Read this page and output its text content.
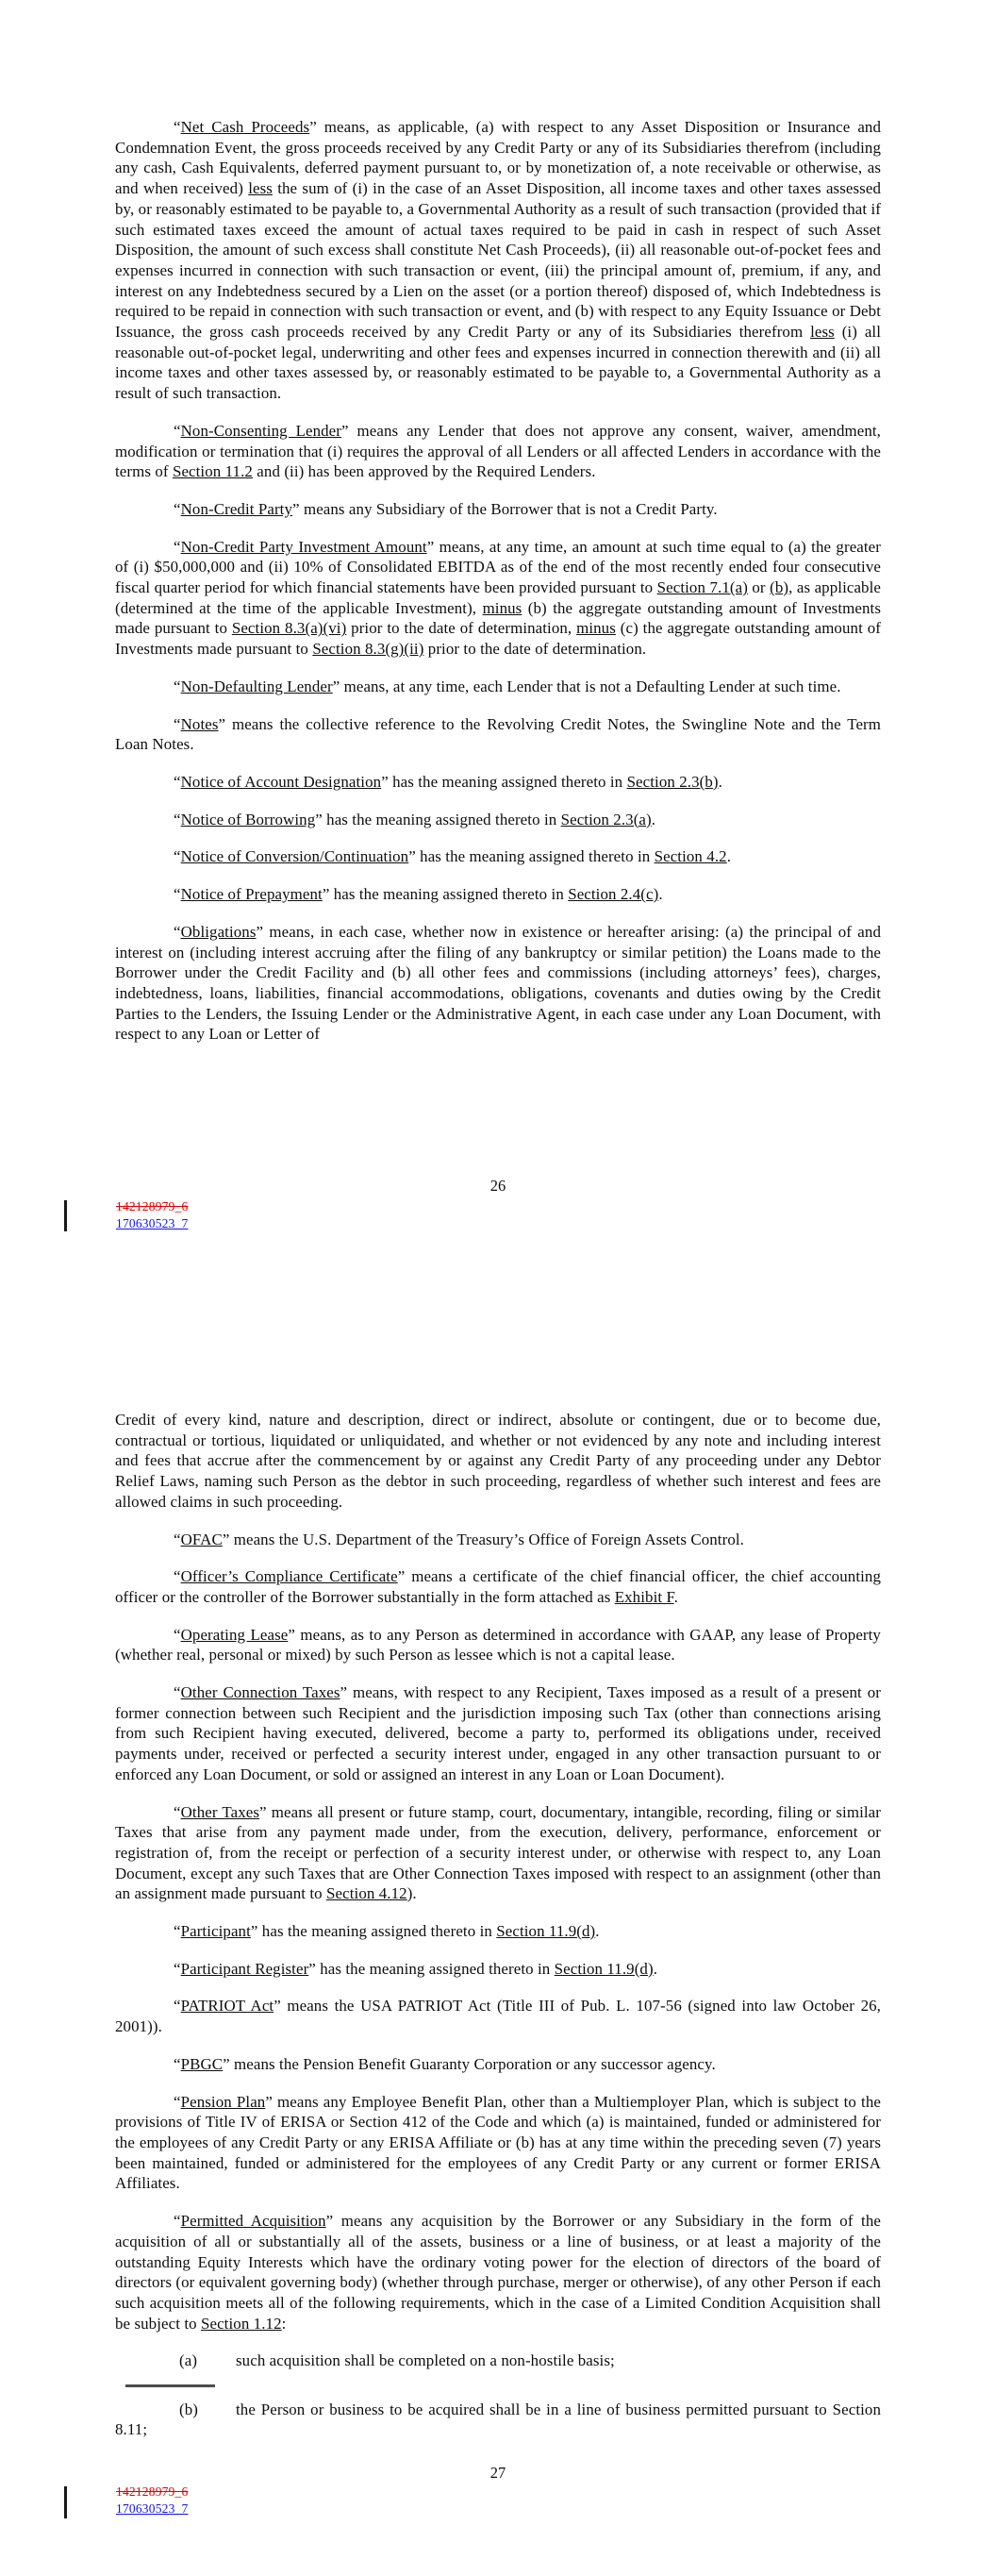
“Net Cash Proceeds” means, as applicable, (a) with respect to any Asset Disposition or Insurance and Condemnation Event, the gross proceeds received by any Credit Party or any of its Subsidiaries therefrom (including any cash, Cash Equivalents, deferred payment pursuant to, or by monetization of, a note receivable or otherwise, as and when received) less the sum of (i) in the case of an Asset Disposition, all income taxes and other taxes assessed by, or reasonably estimated to be payable to, a Governmental Authority as a result of such transaction (provided that if such estimated taxes exceed the amount of actual taxes required to be paid in cash in respect of such Asset Disposition, the amount of such excess shall constitute Net Cash Proceeds), (ii) all reasonable out-of-pocket fees and expenses incurred in connection with such transaction or event, (iii) the principal amount of, premium, if any, and interest on any Indebtedness secured by a Lien on the asset (or a portion thereof) disposed of, which Indebtedness is required to be repaid in connection with such transaction or event, and (b) with respect to any Equity Issuance or Debt Issuance, the gross cash proceeds received by any Credit Party or any of its Subsidiaries therefrom less (i) all reasonable out-of-pocket legal, underwriting and other fees and expenses incurred in connection therewith and (ii) all income taxes and other taxes assessed by, or reasonably estimated to be payable to, a Governmental Authority as a result of such transaction.

“Non-Consenting Lender” means any Lender that does not approve any consent, waiver, amendment, modification or termination that (i) requires the approval of all Lenders or all affected Lenders in accordance with the terms of Section 11.2 and (ii) has been approved by the Required Lenders.

“Non-Credit Party” means any Subsidiary of the Borrower that is not a Credit Party.

“Non-Credit Party Investment Amount” means, at any time, an amount at such time equal to (a) the greater of (i) $50,000,000 and (ii) 10% of Consolidated EBITDA as of the end of the most recently ended four consecutive fiscal quarter period for which financial statements have been provided pursuant to Section 7.1(a) or (b), as applicable (determined at the time of the applicable Investment), minus (b) the aggregate outstanding amount of Investments made pursuant to Section 8.3(a)(vi) prior to the date of determination, minus (c) the aggregate outstanding amount of Investments made pursuant to Section 8.3(g)(ii) prior to the date of determination.

“Non-Defaulting Lender” means, at any time, each Lender that is not a Defaulting Lender at such time.

“Notes” means the collective reference to the Revolving Credit Notes, the Swingline Note and the Term Loan Notes.

“Notice of Account Designation” has the meaning assigned thereto in Section 2.3(b).

“Notice of Borrowing” has the meaning assigned thereto in Section 2.3(a).

“Notice of Conversion/Continuation” has the meaning assigned thereto in Section 4.2.

“Notice of Prepayment” has the meaning assigned thereto in Section 2.4(c).

“Obligations” means, in each case, whether now in existence or hereafter arising: (a) the principal of and interest on (including interest accruing after the filing of any bankruptcy or similar petition) the Loans made to the Borrower under the Credit Facility and (b) all other fees and commissions (including attorneys’ fees), charges, indebtedness, loans, liabilities, financial accommodations, obligations, covenants and duties owing by the Credit Parties to the Lenders, the Issuing Lender or the Administrative Agent, in each case under any Loan Document, with respect to any Loan or Letter of

26
142128979_6
170630523_7

Credit of every kind, nature and description, direct or indirect, absolute or contingent, due or to become due, contractual or tortious, liquidated or unliquidated, and whether or not evidenced by any note and including interest and fees that accrue after the commencement by or against any Credit Party of any proceeding under any Debtor Relief Laws, naming such Person as the debtor in such proceeding, regardless of whether such interest and fees are allowed claims in such proceeding.

“OFAC” means the U.S. Department of the Treasury’s Office of Foreign Assets Control.

“Officer’s Compliance Certificate” means a certificate of the chief financial officer, the chief accounting officer or the controller of the Borrower substantially in the form attached as Exhibit F.

“Operating Lease” means, as to any Person as determined in accordance with GAAP, any lease of Property (whether real, personal or mixed) by such Person as lessee which is not a capital lease.

“Other Connection Taxes” means, with respect to any Recipient, Taxes imposed as a result of a present or former connection between such Recipient and the jurisdiction imposing such Tax (other than connections arising from such Recipient having executed, delivered, become a party to, performed its obligations under, received payments under, received or perfected a security interest under, engaged in any other transaction pursuant to or enforced any Loan Document, or sold or assigned an interest in any Loan or Loan Document).

“Other Taxes” means all present or future stamp, court, documentary, intangible, recording, filing or similar Taxes that arise from any payment made under, from the execution, delivery, performance, enforcement or registration of, from the receipt or perfection of a security interest under, or otherwise with respect to, any Loan Document, except any such Taxes that are Other Connection Taxes imposed with respect to an assignment (other than an assignment made pursuant to Section 4.12).

“Participant” has the meaning assigned thereto in Section 11.9(d).

“Participant Register” has the meaning assigned thereto in Section 11.9(d).

“PATRIOT Act” means the USA PATRIOT Act (Title III of Pub. L. 107-56 (signed into law October 26, 2001)).

“PBGC” means the Pension Benefit Guaranty Corporation or any successor agency.

“Pension Plan” means any Employee Benefit Plan, other than a Multiemployer Plan, which is subject to the provisions of Title IV of ERISA or Section 412 of the Code and which (a) is maintained, funded or administered for the employees of any Credit Party or any ERISA Affiliate or (b) has at any time within the preceding seven (7) years been maintained, funded or administered for the employees of any Credit Party or any current or former ERISA Affiliates.

“Permitted Acquisition” means any acquisition by the Borrower or any Subsidiary in the form of the acquisition of all or substantially all of the assets, business or a line of business, or at least a majority of the outstanding Equity Interests which have the ordinary voting power for the election of directors of the board of directors (or equivalent governing body) (whether through purchase, merger or otherwise), of any other Person if each such acquisition meets all of the following requirements, which in the case of a Limited Condition Acquisition shall be subject to Section 1.12:

(a) such acquisition shall be completed on a non-hostile basis;

(b) the Person or business to be acquired shall be in a line of business permitted pursuant to Section 8.11;

27
142128979_6
170630523_7
